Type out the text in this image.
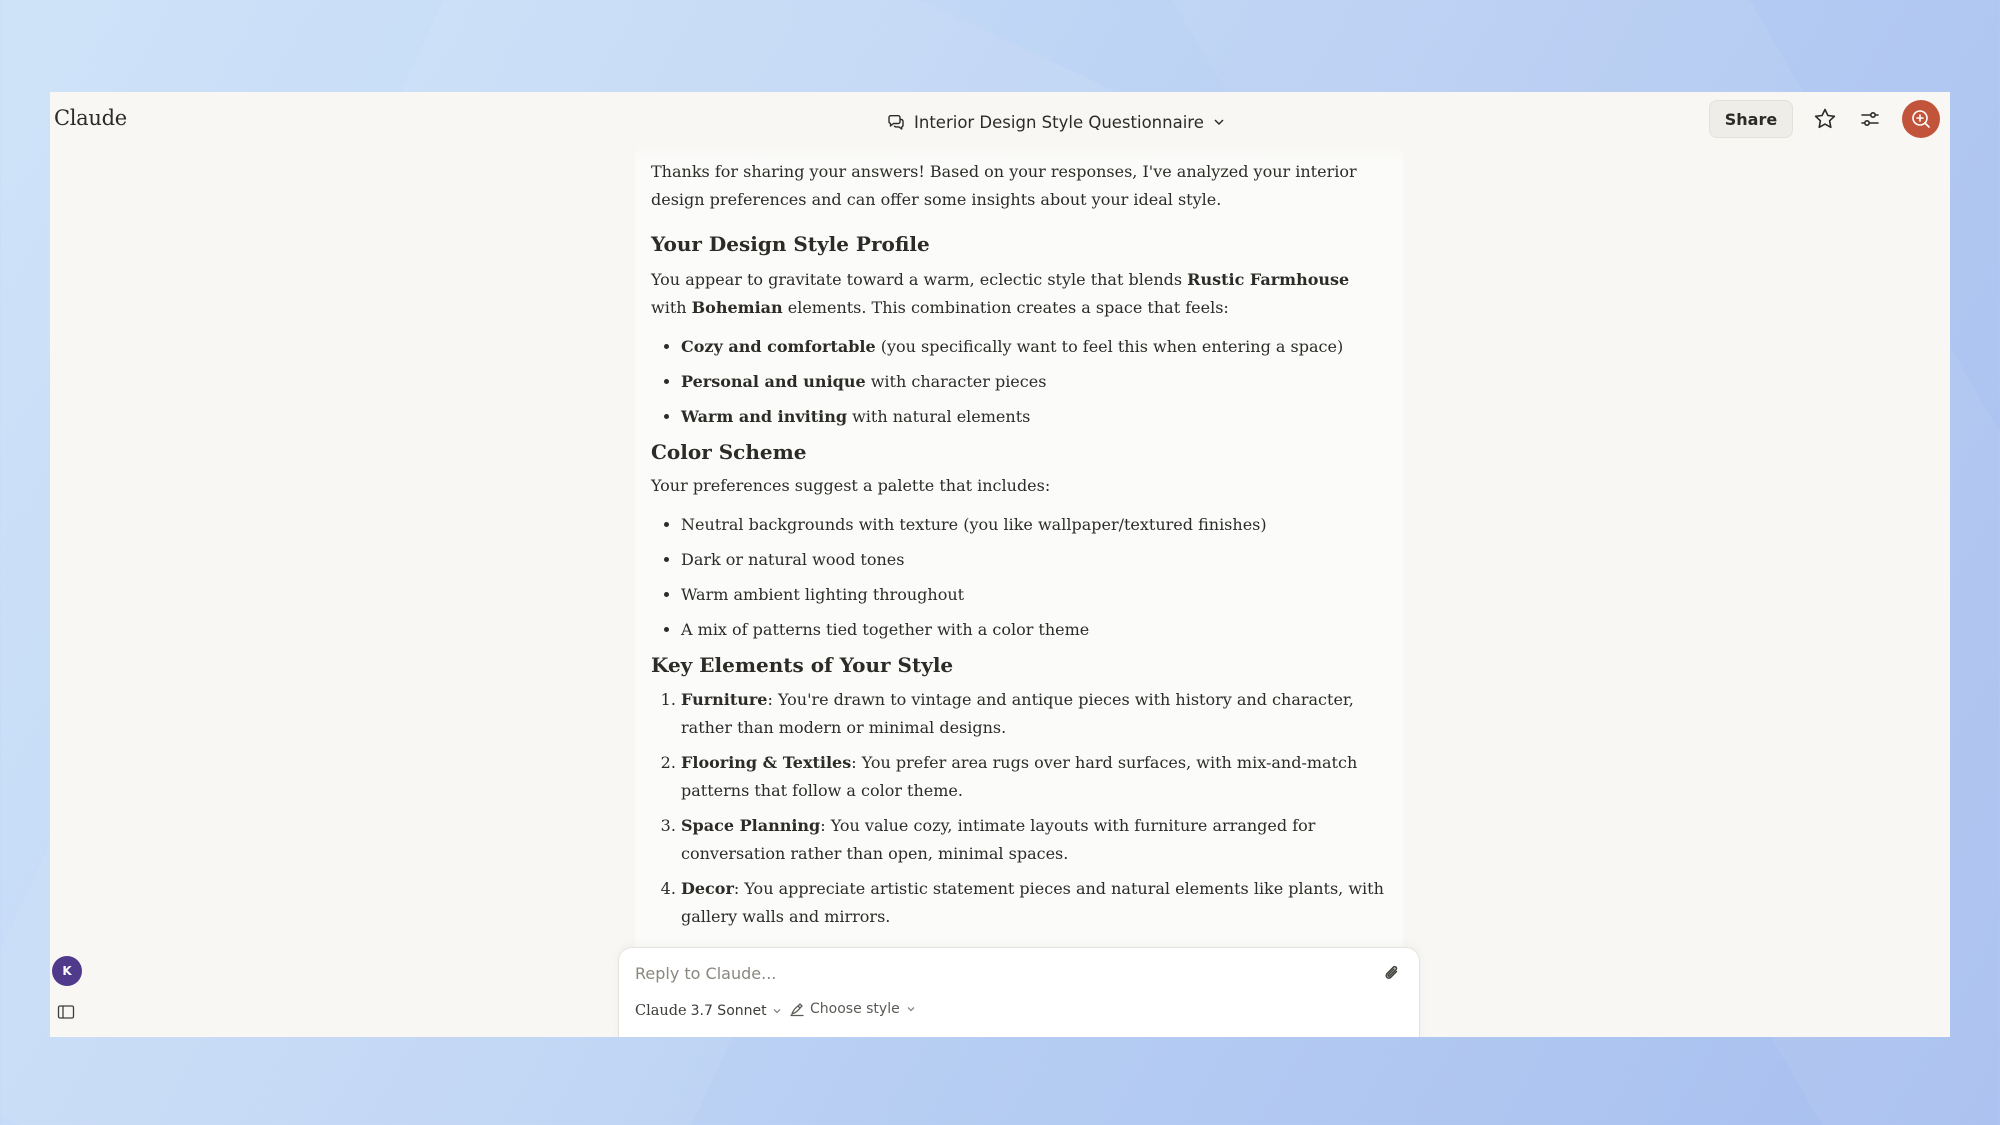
Claude	Interior Design Style Questionnaire	Share

Thanks for sharing your answers! Based on your responses, I've analyzed your interior design preferences and can offer some insights about your ideal style.

Your Design Style Profile

You appear to gravitate toward a warm, eclectic style that blends Rustic Farmhouse with Bohemian elements. This combination creates a space that feels:

• Cozy and comfortable (you specifically want to feel this when entering a space)
• Personal and unique with character pieces
• Warm and inviting with natural elements
Color Scheme

Your preferences suggest a palette that includes:

• Neutral backgrounds with texture (you like wallpaper/textured finishes)
• Dark or natural wood tones
• Warm ambient lighting throughout
• A mix of patterns tied together with a color theme
Key Elements of Your Style
1. Furniture: You're drawn to vintage and antique pieces with history and character, rather than modern or minimal designs.
2. Flooring & Textiles: You prefer area rugs over hard surfaces, with mix-and-match patterns that follow a color theme.
3. Space Planning: You value cozy, intimate layouts with furniture arranged for conversation rather than open, minimal spaces.
4. Decor: You appreciate artistic statement pieces and natural elements like plants, with gallery walls and mirrors.
Reply to Claude...
Claude 3.7 Sonnet	Choose style
K
